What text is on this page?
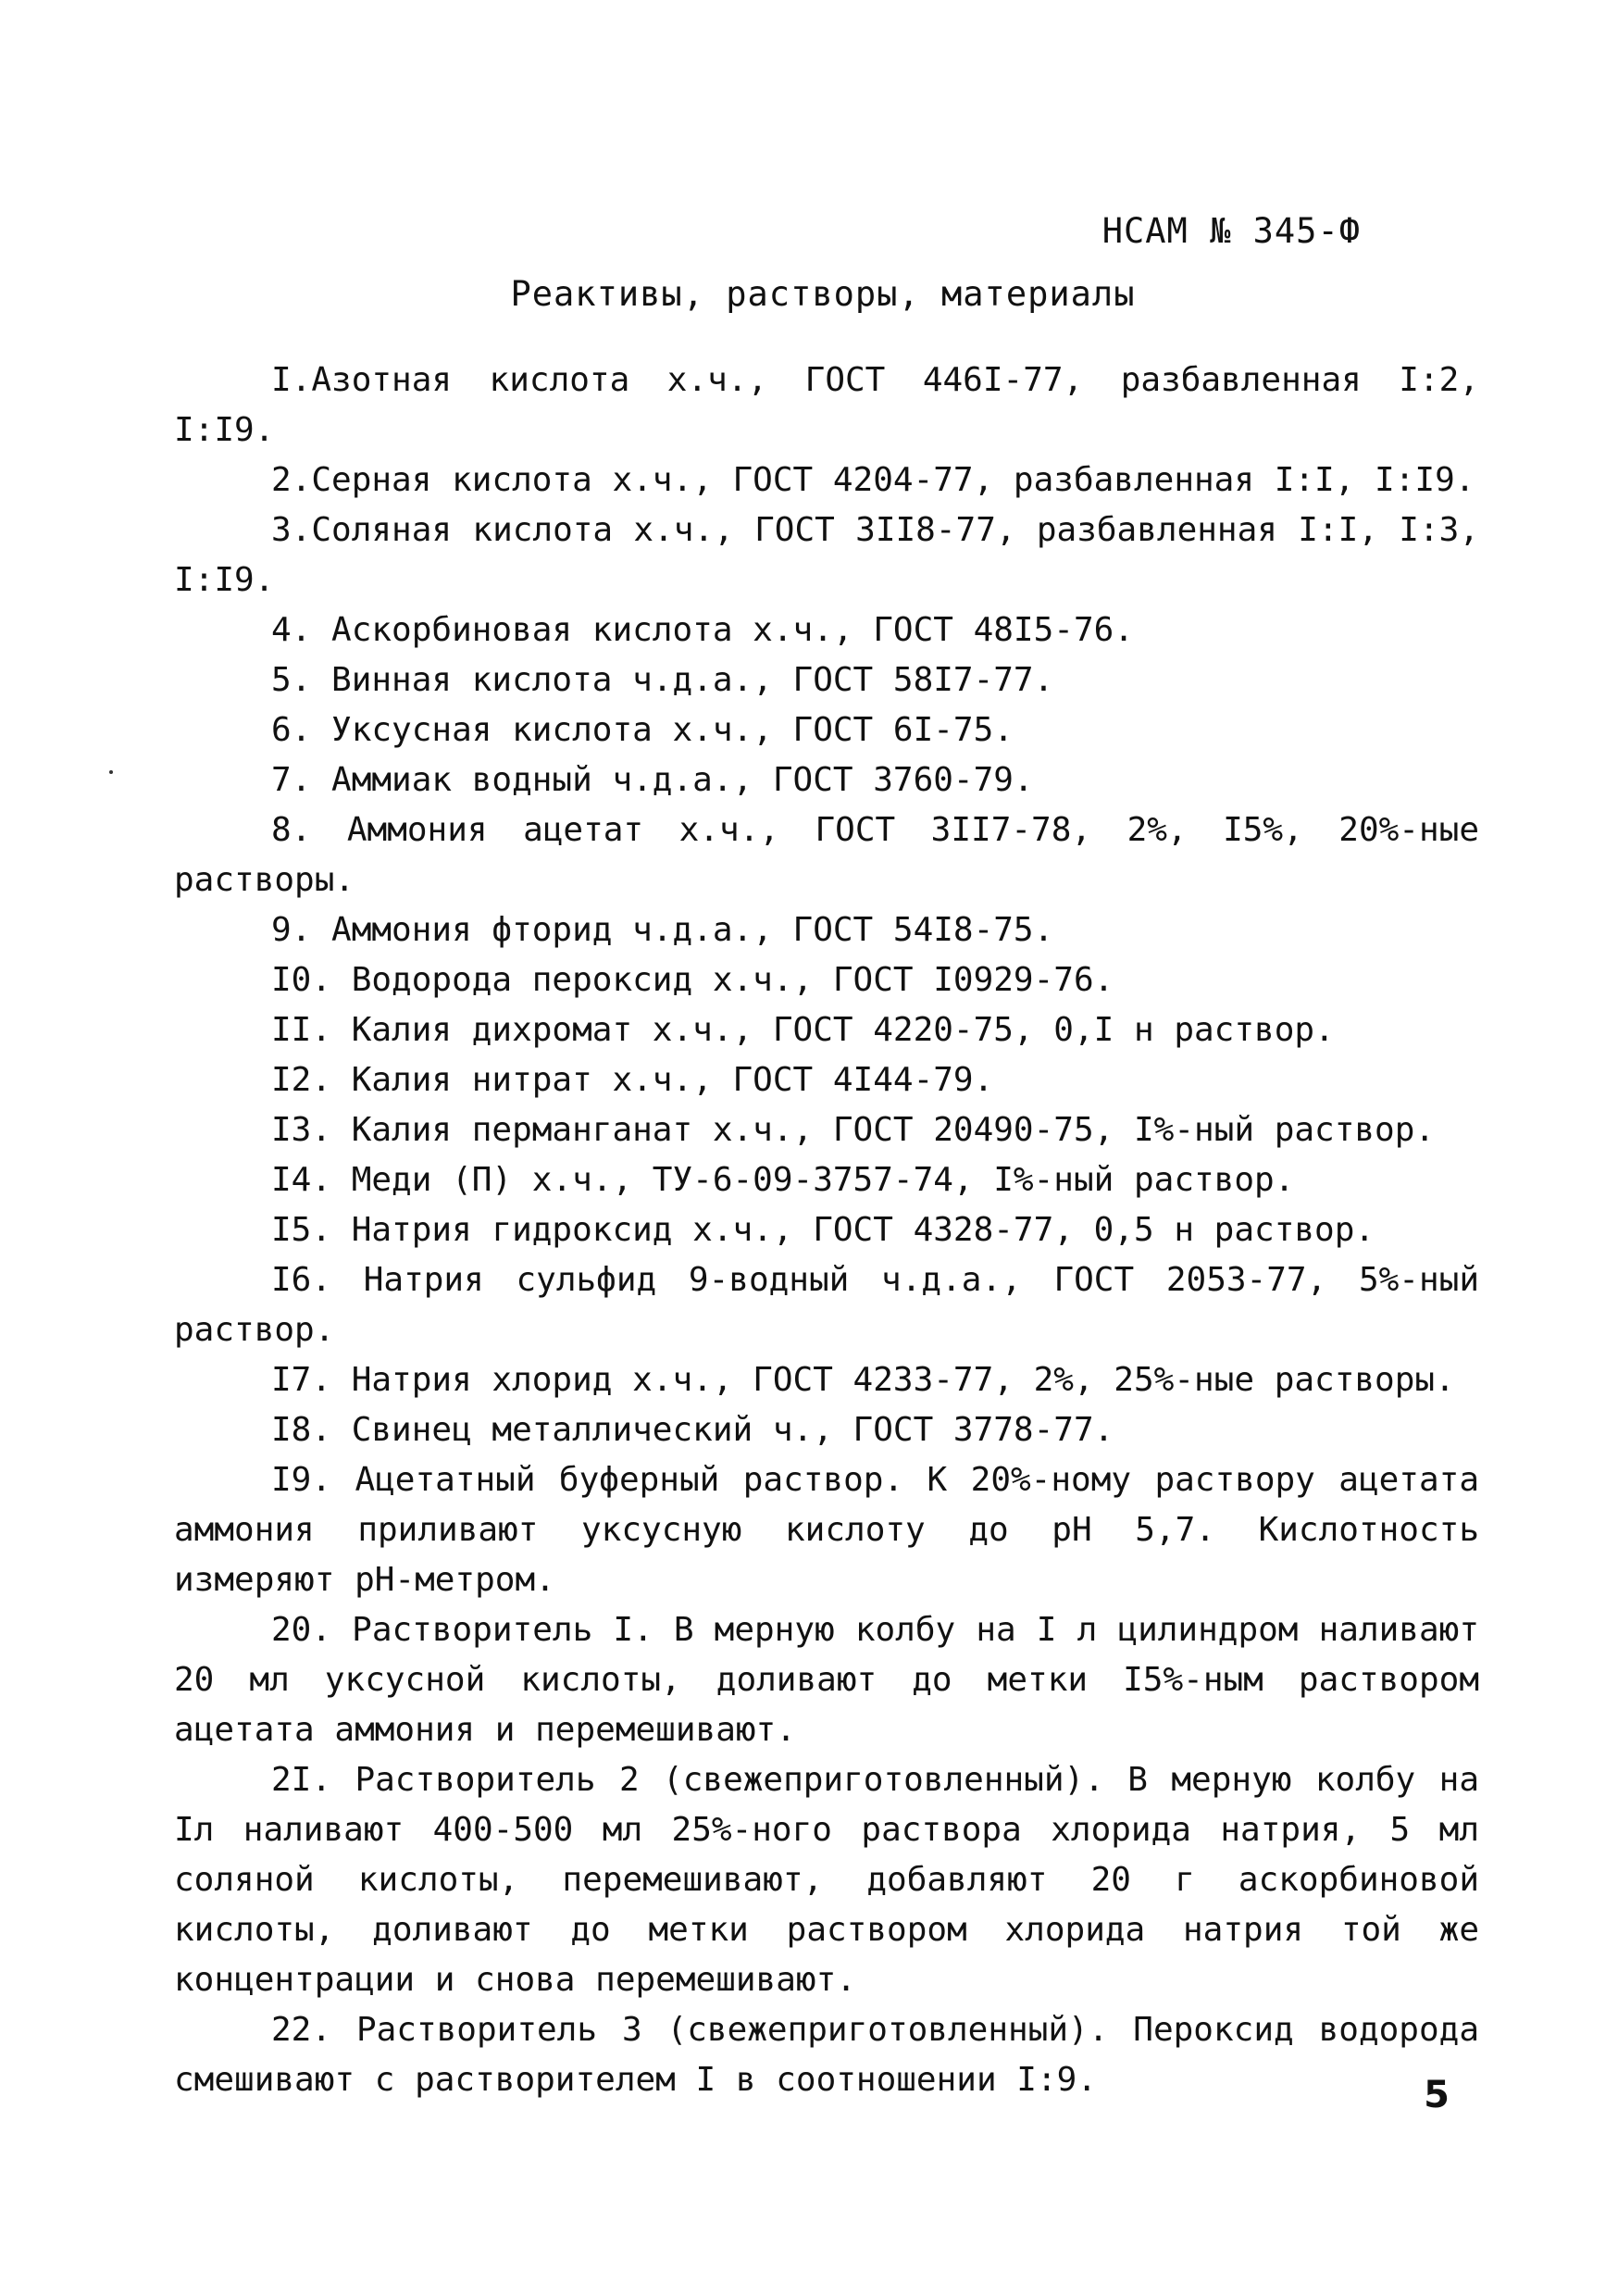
НСАМ № 345-Ф
Реактивы, растворы, материалы

I.Азотная кислота х.ч., ГОСТ 446I-77, разбавленная I:2, I:I9.

2.Серная кислота х.ч., ГОСТ 4204-77, разбавленная I:I, I:I9.

3.Соляная кислота х.ч., ГОСТ 3II8-77, разбавленная I:I, I:3, I:I9.

4. Аскорбиновая кислота х.ч., ГОСТ 48I5-76.

5. Винная кислота ч.д.а., ГОСТ 58I7-77.

6. Уксусная кислота х.ч., ГОСТ 6I-75.

7. Аммиак водный ч.д.а., ГОСТ 3760-79.

8. Аммония ацетат х.ч., ГОСТ 3II7-78, 2%, I5%, 20%-ные растворы.

9. Аммония фторид ч.д.а., ГОСТ 54I8-75.

I0. Водорода пероксид х.ч., ГОСТ I0929-76.

II. Калия дихромат х.ч., ГОСТ 4220-75, 0,I н раствор.

I2. Калия нитрат х.ч., ГОСТ 4I44-79.

I3. Калия перманганат х.ч., ГОСТ 20490-75, I%-ный раствор.

I4. Меди (П) х.ч., ТУ-6-09-3757-74, I%-ный раствор.

I5. Натрия гидроксид х.ч., ГОСТ 4328-77, 0,5 н раствор.

I6. Натрия сульфид 9-водный ч.д.а., ГОСТ 2053-77, 5%-ный раствор.

I7. Натрия хлорид х.ч., ГОСТ 4233-77, 2%, 25%-ные растворы.

I8. Свинец металлический ч., ГОСТ 3778-77.

I9. Ацетатный буферный раствор. К 20%-ному раствору ацетата аммония приливают уксусную кислоту до pH 5,7. Кислотность измеряют pH-метром.

20. Растворитель I. В мерную колбу на I л цилиндром наливают 20 мл уксусной кислоты, доливают до метки I5%-ным раствором ацетата аммония и перемешивают.

2I. Растворитель 2 (свежеприготовленный). В мерную колбу на Iл наливают 400-500 мл 25%-ного раствора хлорида натрия, 5 мл соляной кислоты, перемешивают, добавляют 20 г аскорбиновой кислоты, доливают до метки раствором хлорида натрия той же концентрации и снова перемешивают.

22. Растворитель 3 (свежеприготовленный). Пероксид водорода смешивают с растворителем I в соотношении I:9.	5
